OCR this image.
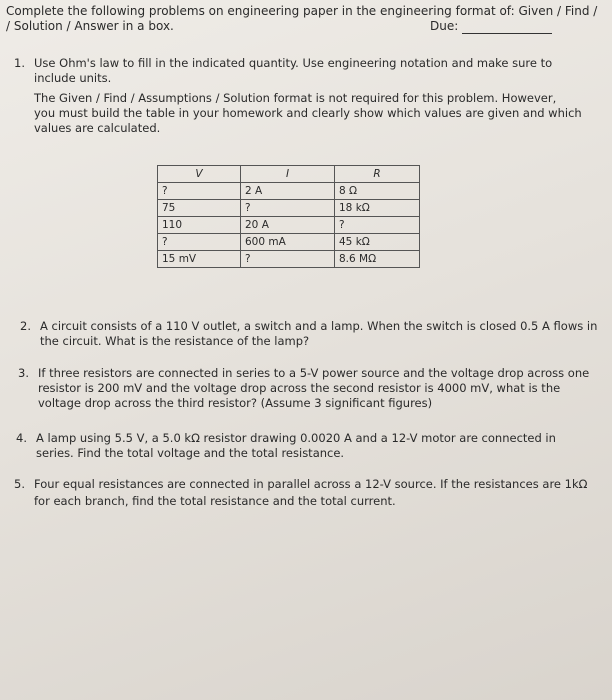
Complete the following problems on engineering paper in the engineering format of: Given / Find /
/ Solution / Answer in a box.	Due:
1. Use Ohm's law to fill in the indicated quantity. Use engineering notation and make sure to
include units.
The Given / Find / Assumptions / Solution format is not required for this problem. However,
you must build the table in your homework and clearly show which values are given and which
values are calculated.
V	I	R
?	2 A	8 Ω
75	?	18 kΩ
110	20 A	?
?	600 mA	45 kΩ
15 mV	?	8.6 MΩ
2. A circuit consists of a 110 V outlet, a switch and a lamp. When the switch is closed 0.5 A flows in
the circuit. What is the resistance of the lamp?
3. If three resistors are connected in series to a 5-V power source and the voltage drop across one
resistor is 200 mV and the voltage drop across the second resistor is 4000 mV, what is the
voltage drop across the third resistor? (Assume 3 significant figures)
4. A lamp using 5.5 V, a 5.0 kΩ resistor drawing 0.0020 A and a 12-V motor are connected in
series. Find the total voltage and the total resistance.
5. Four equal resistances are connected in parallel across a 12-V source. If the resistances are 1kΩ
for each branch, find the total resistance and the total current.
